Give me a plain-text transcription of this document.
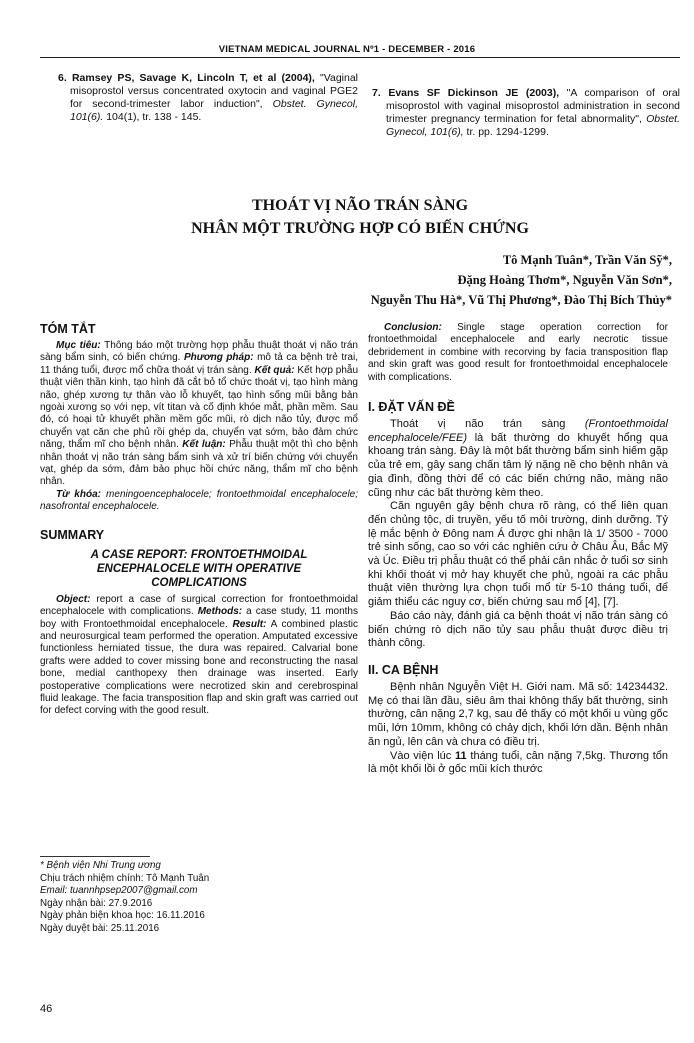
VIETNAM MEDICAL JOURNAL Nº1 - DECEMBER - 2016

6. Ramsey PS, Savage K, Lincoln T, et al (2004), "Vaginal misoprostol versus concentrated oxytocin and vaginal PGE2 for second-trimester labor induction", Obstet. Gynecol, 101(6). 104(1), tr. 138 - 145.

7. Evans SF Dickinson JE (2003), "A comparison of oral misoprostol with vaginal misoprostol administration in second trimester pregnancy termination for fetal abnormality", Obstet. Gynecol, 101(6), tr. pp. 1294-1299.

THOÁT VỊ NÃO TRÁN SÀNG
NHÂN MỘT TRƯỜNG HỢP CÓ BIẾN CHỨNG
Tô Mạnh Tuân*, Trần Văn Sỹ*,
Đặng Hoàng Thơm*, Nguyễn Văn Sơn*,
Nguyễn Thu Hà*, Vũ Thị Phương*, Đào Thị Bích Thủy*
TÓM TẮT

Mục tiêu: Thông báo một trường hợp phẫu thuật thoát vị não trán sàng bẩm sinh, có biến chứng. Phương pháp: mô tả ca bệnh trẻ trai, 11 tháng tuổi, được mổ chữa thoát vị trán sàng. Kết quả: Kết hợp phẫu thuật viên thần kinh, tạo hình đã cắt bỏ tổ chức thoát vị, tạo hình màng não, ghép xương tự thân vào lỗ khuyết, tạo hình sống mũi bằng bản ngoài xương sọ với nẹp, vít titan và cố định khóe mắt, phần mềm. Sau đó, có hoại tử khuyết phần mềm gốc mũi, rò dịch não tủy, được mổ chuyển vạt căn che phủ rồi ghép da, chuyển vạt sớm, bảo đảm chức năng, thẩm mĩ cho bệnh nhân. Kết luận: Phẫu thuật một thì cho bệnh nhân thoát vị não trán sàng bẩm sinh và xử trí biến chứng với chuyển vạt, ghép da sớm, đảm bảo phục hồi chức năng, thẩm mĩ cho bệnh nhân.

Từ khóa: meningoencephalocele; frontoethmoidal encephalocele; nasofrontal encephalocele.

SUMMARY
A CASE REPORT: FRONTOETHMOIDAL ENCEPHALOCELE WITH OPERATIVE COMPLICATIONS

Object: report a case of surgical correction for frontoethmoidal encephalocele with complications. Methods: a case study, 11 months boy with Frontoethmoidal encephalocele. Result: A combined plastic and neurosurgical team performed the operation. Amputated excessive functionless herniated tissue, the dura was repaired. Calvarial bone grafts were added to cover missing bone and reconstructing the nasal bone, medial canthopexy then drainage was inserted. Early postoperative complications were necrotized skin and cerebrospinal fluid leakage. The facia transposition flap and skin graft was carried out for defect corving with the good result.

* Bệnh viện Nhi Trung ương
Chịu trách nhiệm chính: Tô Mạnh Tuân
Email: tuannhpsep2007@gmail.com
Ngày nhận bài: 27.9.2016
Ngày phản biện khoa học: 16.11.2016
Ngày duyệt bài: 25.11.2016

Conclusion: Single stage operation correction for frontoethmoidal encephalocele and early necrotic tissue debridement in combine with recorving by facia transposition flap and skin graft was good result for frontoethmoidal encephalocele with complications.

I. ĐẶT VẤN ĐỀ

Thoát vị não trán sàng (Frontoethmoidal encephalocele/FEE) là bất thường do khuyết hổng qua khoang trán sàng. Đây là một bất thường bẩm sinh hiếm gặp của trẻ em, gây sang chấn tâm lý nặng nề cho bệnh nhân và gia đình, đồng thời để có các biến chứng não, màng não cũng như các bất thường kèm theo.

Căn nguyên gây bệnh chưa rõ ràng, có thể liên quan đến chủng tộc, di truyền, yếu tố môi trường, dinh dưỡng. Tỷ lệ mắc bệnh ở Đông nam Á được ghi nhận là 1/ 3500 - 7000 trẻ sinh sống, cao so với các nghiên cứu ở Châu Âu, Bắc Mỹ và Úc. Điều trị phẫu thuật có thể phải cân nhắc ở tuổi sơ sinh khi khối thoát vị mở hay khuyết che phủ, ngoài ra các phẫu thuật viên thường lựa chọn tuổi mổ từ 5-10 tháng tuổi, để giảm thiểu các nguy cơ, biến chứng sau mổ [4], [7].

Báo cáo này, đánh giá ca bệnh thoát vị não trán sàng có biến chứng rò dịch não tủy sau phẫu thuật được điều trị thành công.

II. CA BỆNH

Bệnh nhân Nguyễn Việt H. Giới nam. Mã số: 14234432. Mẹ có thai lần đầu, siêu âm thai không thấy bất thường, sinh thường, cân nặng 2,7 kg, sau đẻ thấy có một khối u vùng gốc mũi, lớn 10mm, không có chảy dịch, khối lớn dần. Bệnh nhân ăn ngủ, lên cân và chưa có điều trị.

Vào viện lúc 11 tháng tuổi, cân nặng 7,5kg. Thương tổn là một khối lồi ở gốc mũi kích thước

46
